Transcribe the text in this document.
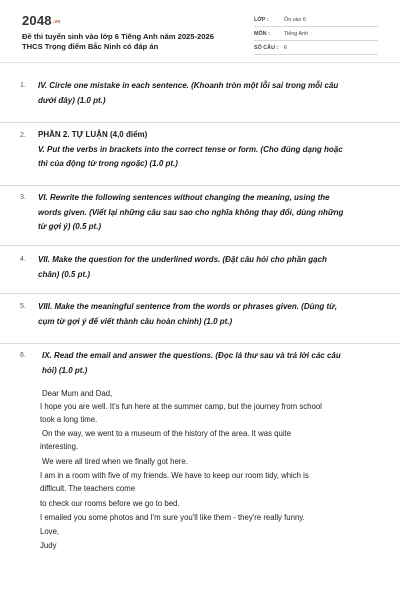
2048.vn
Đề thi tuyển sinh vào lớp 6 Tiếng Anh năm 2025-2026
THCS Trọng điểm Bắc Ninh có đáp án
LỚP :	Ôn vào 6
MÔN :	Tiếng Anh
SỐ CÂU : 6
1. IV. Circle one mistake in each sentence. (Khoanh tròn một lỗi sai trong mỗi câu
dưới đây) (1.0 pt.)
2. PHẦN 2. TỰ LUẬN (4,0 điểm)
V. Put the verbs in brackets into the correct tense or form. (Cho đúng dạng hoặc
thì của động từ trong ngoặc) (1.0 pt.)
3. VI. Rewrite the following sentences without changing the meaning, using the
words given. (Viết lại những câu sau sao cho nghĩa không thay đổi, dùng những
từ gợi ý) (0.5 pt.)
4. VII. Make the question for the underlined words. (Đặt câu hỏi cho phần gạch
chân) (0.5 pt.)
5. VIII. Make the meaningful sentence from the words or phrases given. (Dùng từ,
cụm từ gợi ý để viết thành câu hoàn chỉnh) (1.0 pt.)
6. IX. Read the email and answer the questions. (Đọc lá thư sau và trả lời các câu
hỏi) (1.0 pt.)
Dear Mum and Dad,
I hope you are well. It's fun here at the summer camp, but the journey from school
took a long time.
On the way, we went to a museum of the history of the area. It was quite
interesting.
We were all tired when we finally got here.
I am in a room with five of my friends. We have to keep our room tidy, which is
difficult. The teachers come
to check our rooms before we go to bed.
I emailed you some photos and I'm sure you'll like them - they're really funny.
Love,
Judy
